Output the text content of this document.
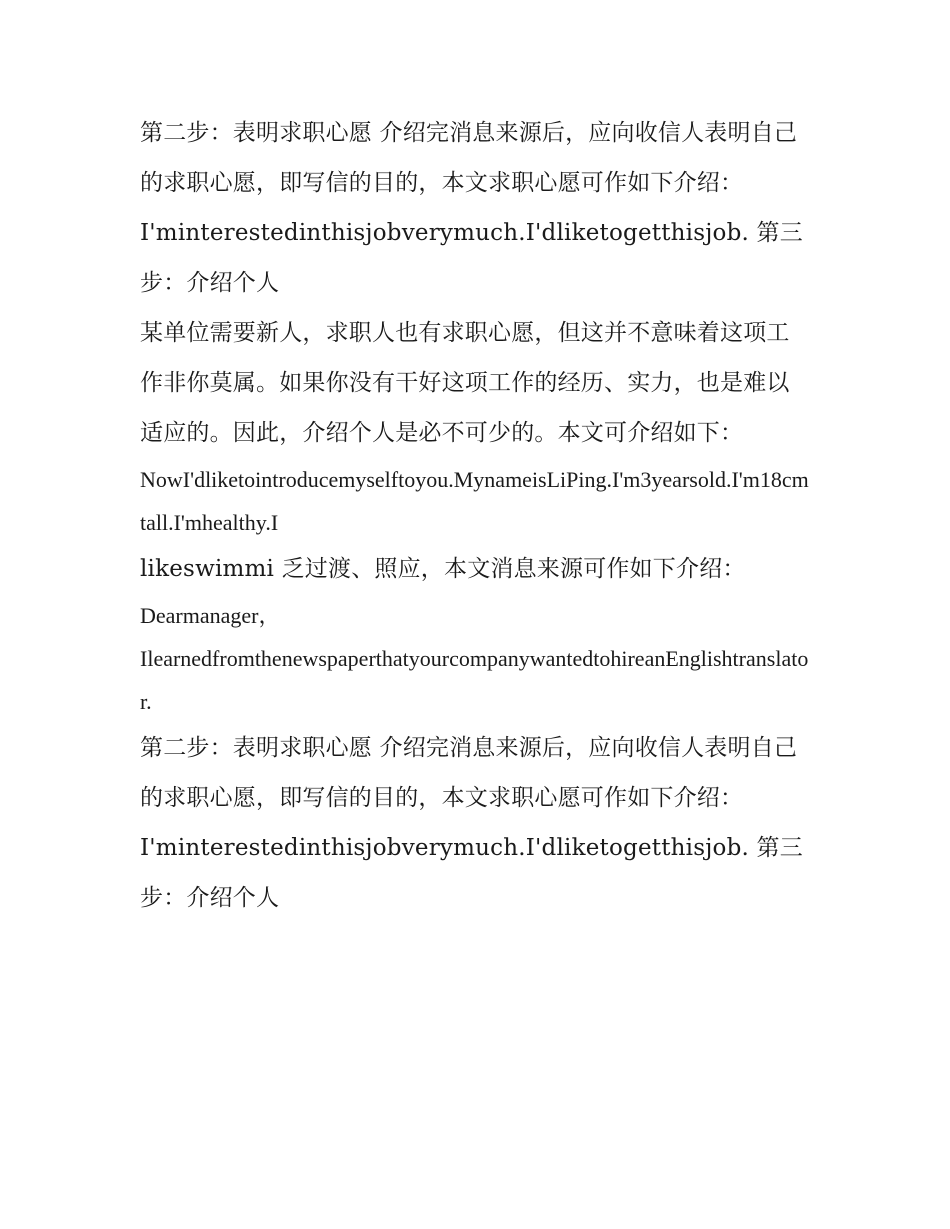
第二步：表明求职心愿 介绍完消息来源后，应向收信人表明自己的求职心愿，即写信的目的，本文求职心愿可作如下介绍：

I'minterestedinthisjobverymuch.I'dliketogetthisjob. 第三步：介绍个人

某单位需要新人，求职人也有求职心愿，但这并不意味着这项工作非你莫属。如果你没有干好这项工作的经历、实力，也是难以适应的。因此，介绍个人是必不可少的。本文可介绍如下：

NowI'dliketointroducemyselftoyou.MynameisLiPing.I'm3yearsold.I'm18cmtall.I'mhealthy.I

likeswimmi 乏过渡、照应，本文消息来源可作如下介绍：

Dearmanager，

IlearnedfromthenewspaperthatyourcompanywantedtohireanEnglishtranslator.

第二步：表明求职心愿 介绍完消息来源后，应向收信人表明自己的求职心愿，即写信的目的，本文求职心愿可作如下介绍：

I'minterestedinthisjobverymuch.I'dliketogetthisjob. 第三步：介绍个人
